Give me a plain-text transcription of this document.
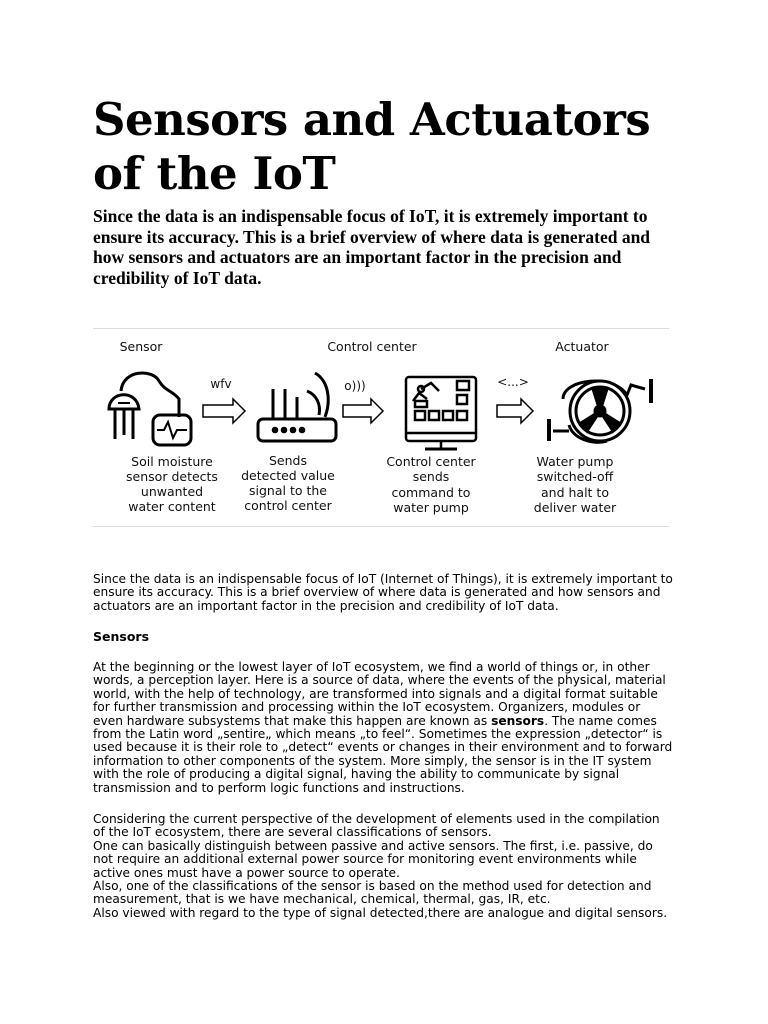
Sensors and Actuators of the IoT

Since the data is an indispensable focus of IoT, it is extremely important to ensure its accuracy. This is a brief overview of where data is generated and how sensors and actuators are an important factor in the precision and credibility of IoT data.

Sensor	Control center	Actuator
wfv	o)))	<...>
Soil moisture
sensor detects
unwanted
water content
Sends
detected value
signal to the
control center
Control center
sends
command to
water pump
Water pump
switched-off
and halt to
deliver water

Since the data is an indispensable focus of IoT (Internet of Things), it is extremely important to ensure its accuracy. This is a brief overview of where data is generated and how sensors and actuators are an important factor in the precision and credibility of IoT data.

Sensors

At the beginning or the lowest layer of IoT ecosystem, we find a world of things or, in other words, a perception layer. Here is a source of data, where the events of the physical, material world, with the help of technology, are transformed into signals and a digital format suitable for further transmission and processing within the IoT ecosystem. Organizers, modules or even hardware subsystems that make this happen are known as sensors. The name comes from the Latin word „sentire„ which means „to feel“. Sometimes the expression „detector“ is used because it is their role to „detect“ events or changes in their environment and to forward information to other components of the system. More simply, the sensor is in the IT system with the role of producing a digital signal, having the ability to communicate by signal transmission and to perform logic functions and instructions.

Considering the current perspective of the development of elements used in the compilation of the IoT ecosystem, there are several classifications of sensors.

One can basically distinguish between passive and active sensors. The first, i.e. passive, do not require an additional external power source for monitoring event environments while active ones must have a power source to operate.

Also, one of the classifications of the sensor is based on the method used for detection and measurement, that is we have mechanical, chemical, thermal, gas, IR, etc.

Also viewed with regard to the type of signal detected,there are analogue and digital sensors.
